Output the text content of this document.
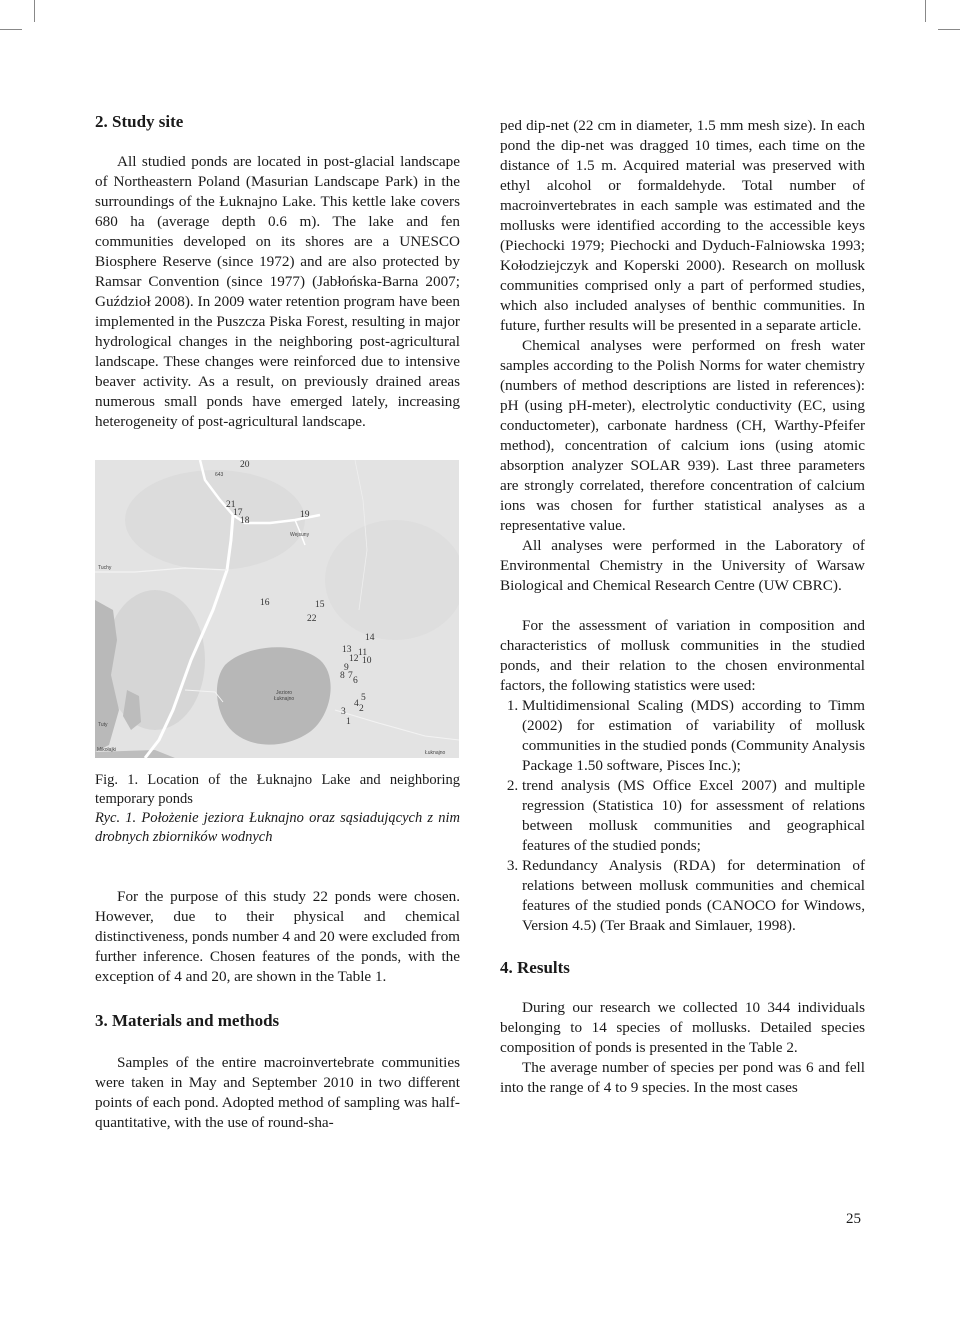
2. Study site

All studied ponds are located in post-glacial landscape of Northeastern Poland (Masurian Landscape Park) in the surroundings of the Łuknajno Lake. This kettle lake covers 680 ha (average depth 0.6 m). The lake and fen communities developed on its shores are a UNESCO Biosphere Reserve (since 1972) and are also protected by Ramsar Convention (since 1977) (Jabłońska-Barna 2007; Guździoł 2008). In 2009 water retention program have been implemented in the Puszcza Piska Forest, resulting in major hydrological changes in the neighboring post-agricultural landscape. These changes were reinforced due to intensive beaver activity. As a result, on previously drained areas numerous small ponds have emerged lately, increasing heterogeneity of post-agricultural landscape.

20
21
17
18
19
16	15
22
14
13
12
11
10
9
8 7 6
5
4 2
3
1
Jezioro Łuknajno
Wejsuny
Tuchy
Tuty
Mikołajki	Łuknajno
643

Fig. 1. Location of the Łuknajno Lake and neighboring temporary ponds

Ryc. 1. Położenie jeziora Łuknajno oraz sąsiadujących z nim drobnych zbiorników wodnych

For the purpose of this study 22 ponds were chosen. However, due to their physical and chemical distinctiveness, ponds number 4 and 20 were excluded from further inference. Chosen features of the ponds, with the exception of 4 and 20, are shown in the Table 1.

3. Materials and methods

Samples of the entire macroinvertebrate communities were taken in May and September 2010 in two different points of each pond. Adopted method of sampling was half-quantitative, with the use of round-sha-

ped dip-net (22 cm in diameter, 1.5 mm mesh size). In each pond the dip-net was dragged 10 times, each time on the distance of 1.5 m. Acquired material was preserved with ethyl alcohol or formaldehyde. Total number of macroinvertebrates in each sample was estimated and the mollusks were identified according to the accessible keys (Piechocki 1979; Piechocki and Dyduch-Falniowska 1993; Kołodziejczyk and Koperski 2000). Research on mollusk communities comprised only a part of performed studies, which also included analyses of benthic communities. In future, further results will be presented in a separate article.

Chemical analyses were performed on fresh water samples according to the Polish Norms for water chemistry (numbers of method descriptions are listed in references): pH (using pH-meter), electrolytic conductivity (EC, using conductometer), carbonate hardness (CH, Warthy-Pfeifer method), concentration of calcium ions (using atomic absorption analyzer SOLAR 939). Last three parameters are strongly correlated, therefore concentration of calcium ions was chosen for further statistical analyses as a representative value.

All analyses were performed in the Laboratory of Environmental Chemistry in the University of Warsaw Biological and Chemical Research Centre (UW CBRC).

For the assessment of variation in composition and characteristics of mollusk communities in the studied ponds, and their relation to the chosen environmental factors, the following statistics were used:

1. Multidimensional Scaling (MDS) according to Timm (2002) for estimation of variability of mollusk communities in the studied ponds (Community Analysis Package 1.50 software, Pisces Inc.);
2. trend analysis (MS Office Excel 2007) and multiple regression (Statistica 10) for assessment of relations between mollusk communities and geographical features of the studied ponds;
3. Redundancy Analysis (RDA) for determination of relations between mollusk communities and chemical features of the studied ponds (CANOCO for Windows, Version 4.5) (Ter Braak and Simlauer, 1998).
4. Results

During our research we collected 10 344 individuals belonging to 14 species of mollusks. Detailed species composition of ponds is presented in the Table 2.

The average number of species per pond was 6 and fell into the range of 4 to 9 species. In the most cases

25
